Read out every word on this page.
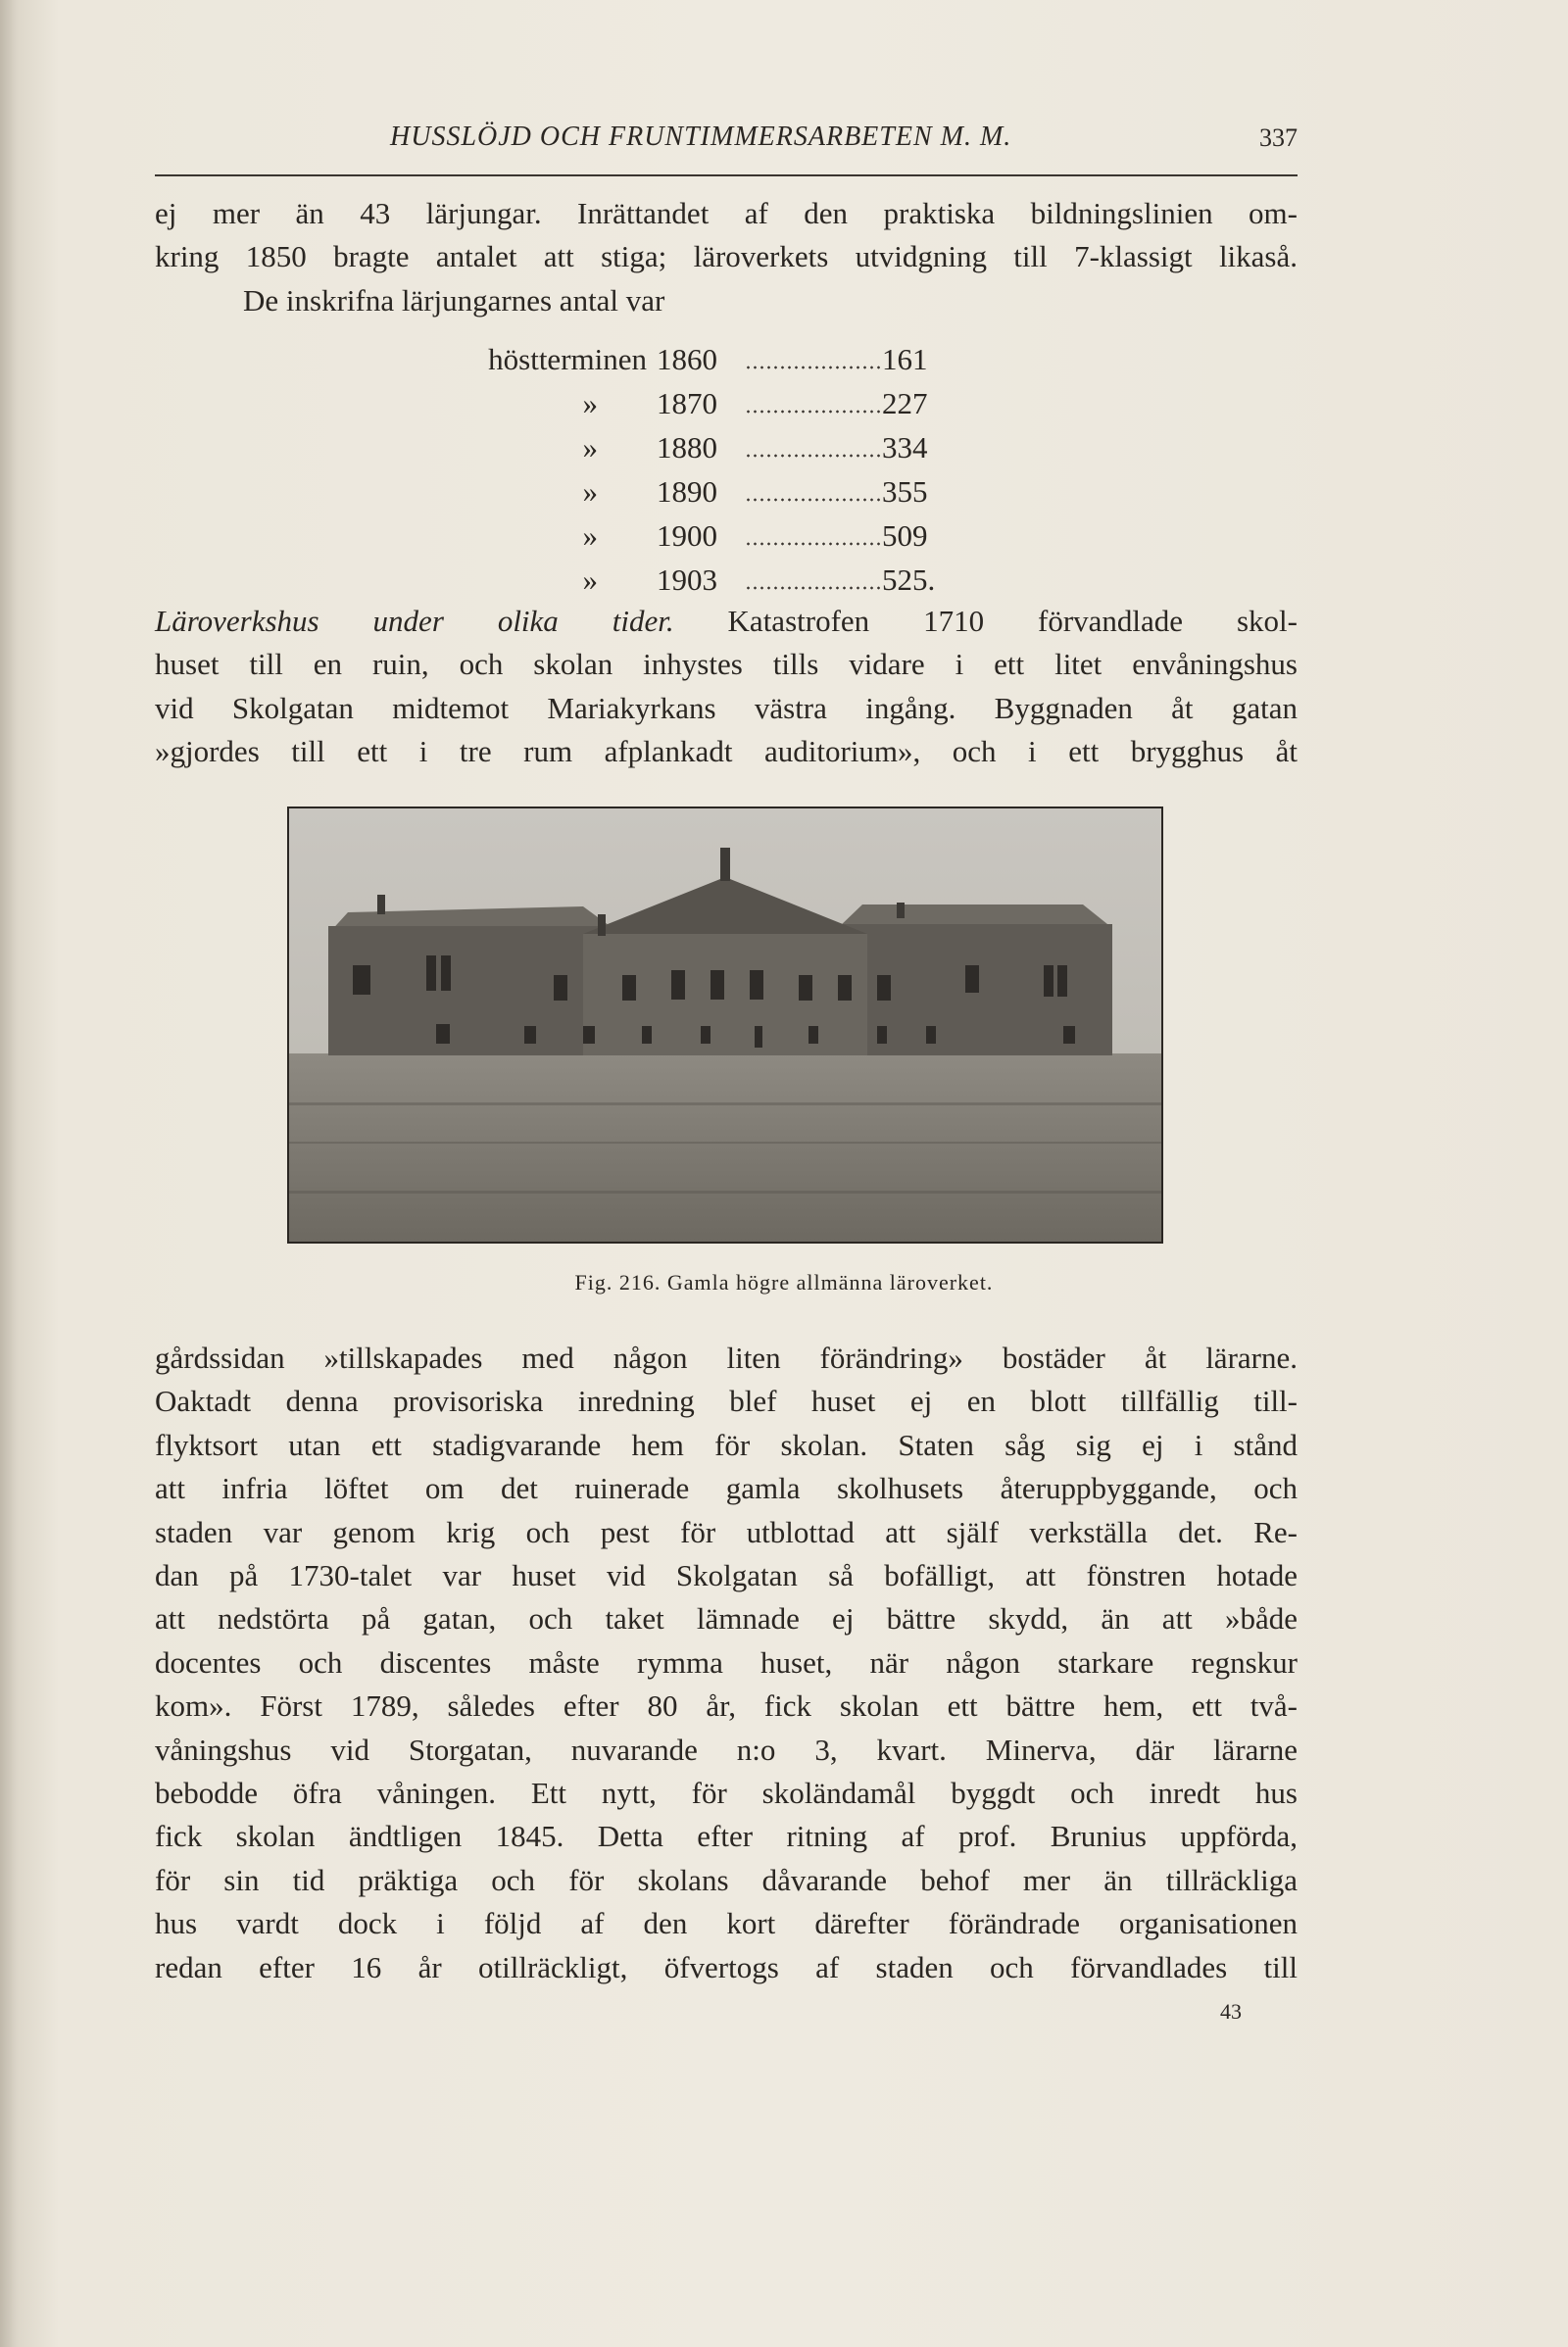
HUSSLÖJD OCH FRUNTIMMERSARBETEN M. M.	337
ej mer än 43 lärjungar. Inrättandet af den praktiska bildningslinien om-
kring 1850 bragte antalet att stiga; läroverkets utvidgning till 7-klassigt likaså.
De inskrifna lärjungarnes antal var
höstterminen 1860	161
» 1870	227
» 1880	334
» 1890	355
» 1900	509
» 1903	525.
Läroverkshus under olika tider. Katastrofen 1710 förvandlade skol-
huset till en ruin, och skolan inhystes tills vidare i ett litet envåningshus
vid Skolgatan midtemot Mariakyrkans västra ingång. Byggnaden åt gatan
»gjordes till ett i tre rum afplankadt auditorium», och i ett brygghus åt
Fig. 216. Gamla högre allmänna läroverket.
gårdssidan »tillskapades med någon liten förändring» bostäder åt lärarne.
Oaktadt denna provisoriska inredning blef huset ej en blott tillfällig till-
flyktsort utan ett stadigvarande hem för skolan. Staten såg sig ej i stånd
att infria löftet om det ruinerade gamla skolhusets återuppbyggande, och
staden var genom krig och pest för utblottad att själf verkställa det. Re-
dan på 1730-talet var huset vid Skolgatan så bofälligt, att fönstren hotade
att nedstörta på gatan, och taket lämnade ej bättre skydd, än att »både
docentes och discentes måste rymma huset, när någon starkare regnskur
kom». Först 1789, således efter 80 år, fick skolan ett bättre hem, ett två-
våningshus vid Storgatan, nuvarande n:o 3, kvart. Minerva, där lärarne
bebodde öfra våningen. Ett nytt, för skoländamål byggdt och inredt hus
fick skolan ändtligen 1845. Detta efter ritning af prof. Brunius uppförda,
för sin tid präktiga och för skolans dåvarande behof mer än tillräckliga
hus vardt dock i följd af den kort därefter förändrade organisationen
redan efter 16 år otillräckligt, öfvertogs af staden och förvandlades till
43
